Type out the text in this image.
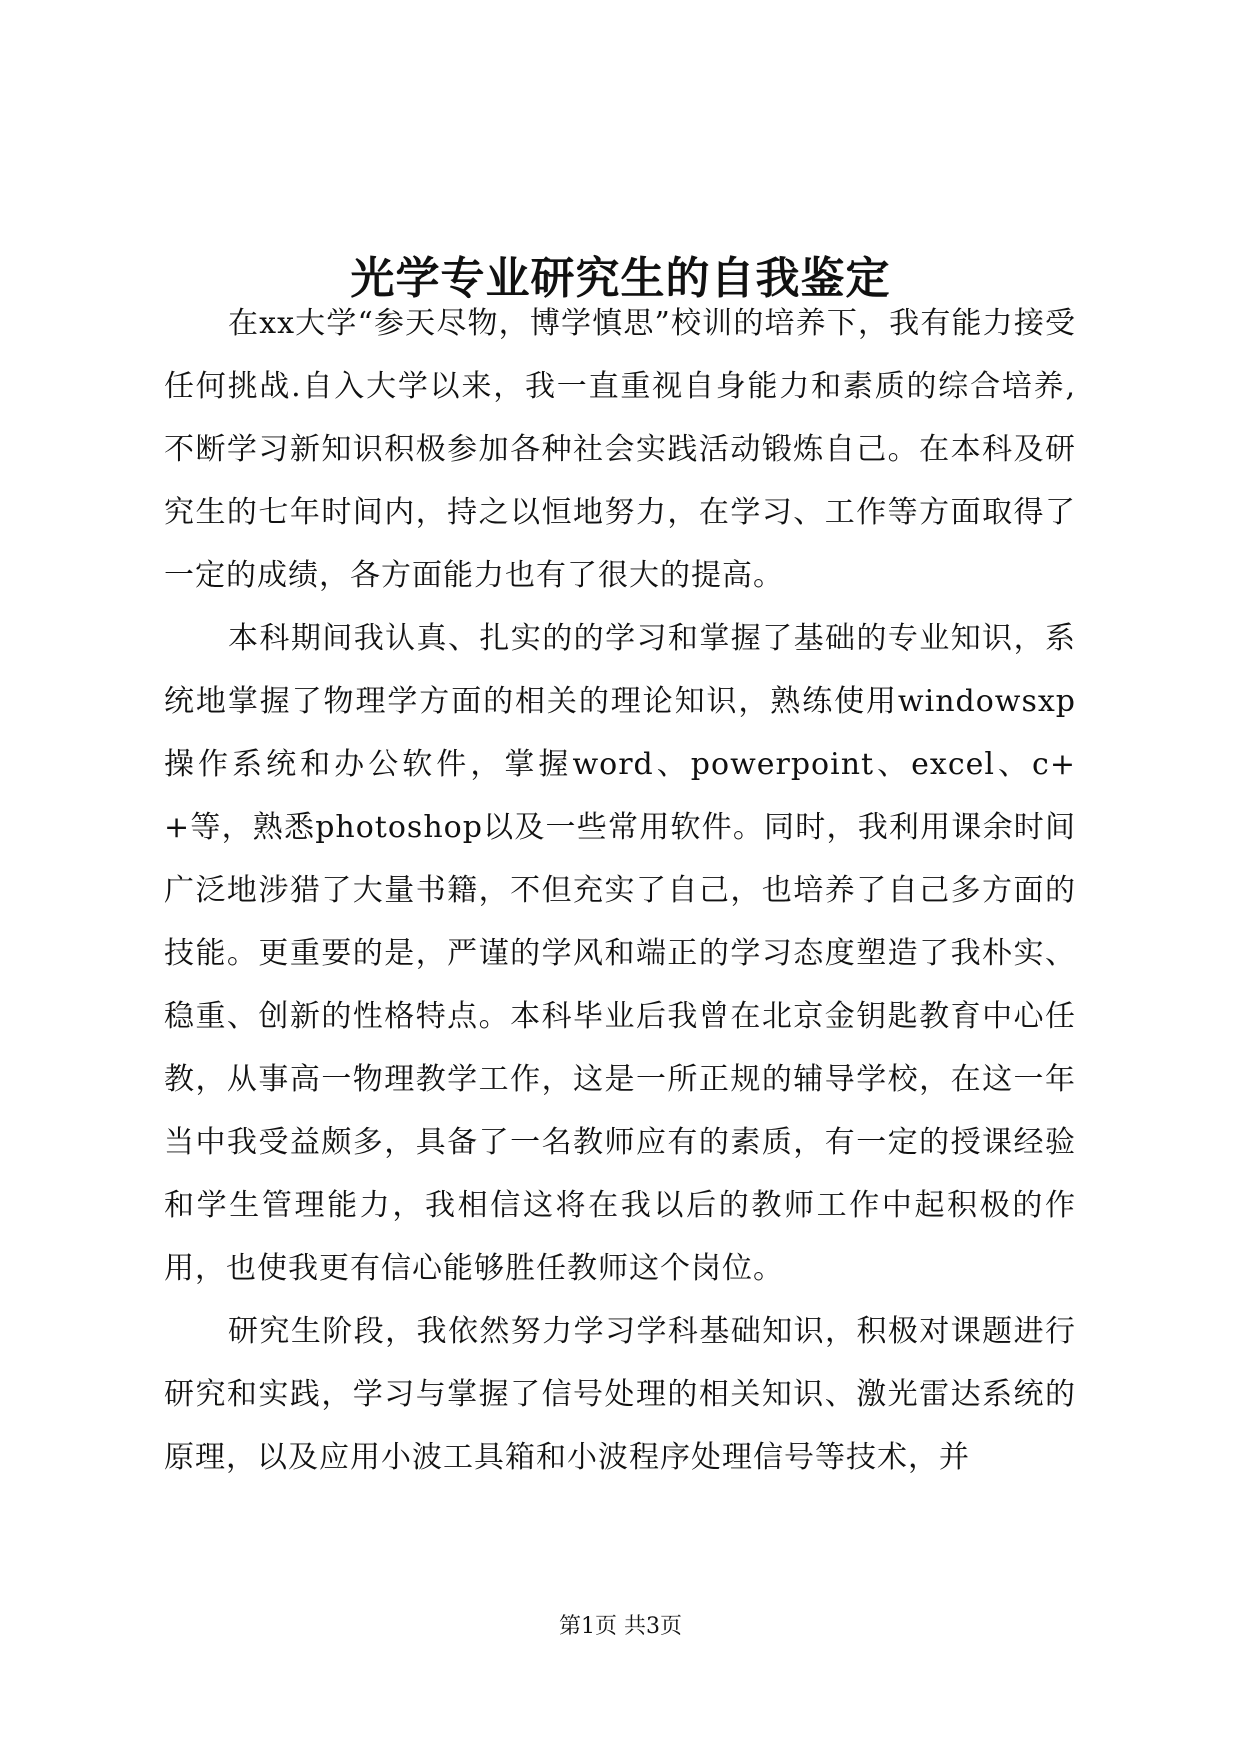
光学专业研究生的自我鉴定

在xx大学“参天尽物，博学慎思”校训的培养下，我有能力接受任何挑战.自入大学以来，我一直重视自身能力和素质的综合培养,不断学习新知识积极参加各种社会实践活动锻炼自己。在本科及研究生的七年时间内，持之以恒地努力，在学习、工作等方面取得了一定的成绩，各方面能力也有了很大的提高。

本科期间我认真、扎实的的学习和掌握了基础的专业知识，系统地掌握了物理学方面的相关的理论知识，熟练使用windowsxp操作系统和办公软件，掌握word、powerpoint、excel、c++等，熟悉photoshop以及一些常用软件。同时，我利用课余时间广泛地涉猎了大量书籍，不但充实了自己，也培养了自己多方面的技能。更重要的是，严谨的学风和端正的学习态度塑造了我朴实、稳重、创新的性格特点。本科毕业后我曾在北京金钥匙教育中心任教，从事高一物理教学工作，这是一所正规的辅导学校，在这一年当中我受益颇多，具备了一名教师应有的素质，有一定的授课经验和学生管理能力，我相信这将在我以后的教师工作中起积极的作用，也使我更有信心能够胜任教师这个岗位。

研究生阶段，我依然努力学习学科基础知识，积极对课题进行研究和实践，学习与掌握了信号处理的相关知识、激光雷达系统的原理，以及应用小波工具箱和小波程序处理信号等技术，并

第1页 共3页
